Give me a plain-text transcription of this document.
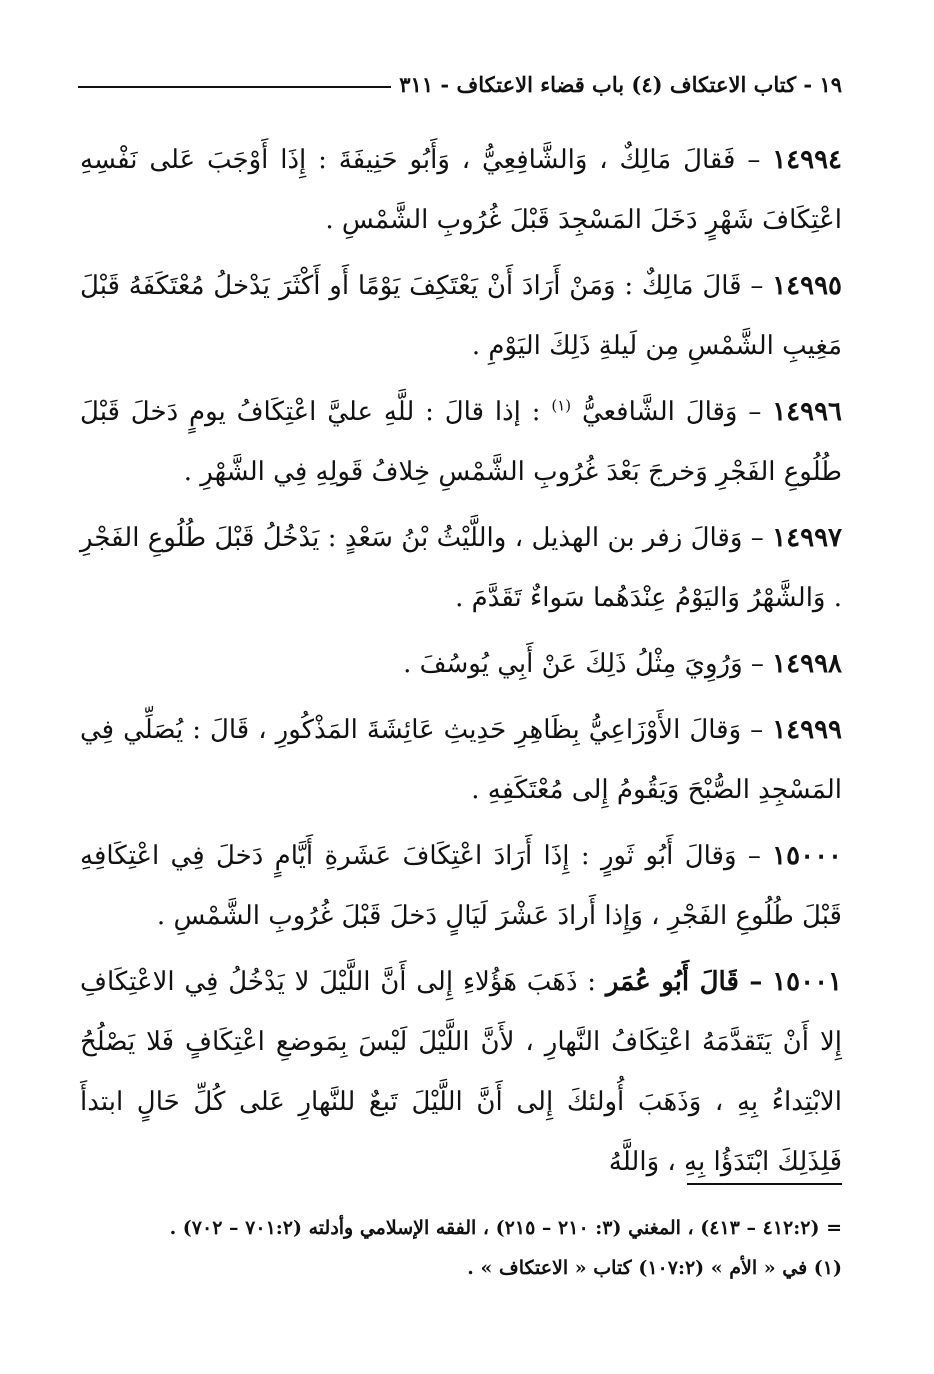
١٩ - كتاب الاعتكاف (٤) باب قضاء الاعتكاف - ٣١١

١٤٩٩٤ – فَقالَ مَالِكٌ ، وَالشَّافِعِيُّ ، وَأَبُو حَنِيفَةَ : إِذَا أَوْجَبَ عَلى نَفْسِهِ اعْتِكَافَ شَهْرٍ دَخَلَ المَسْجِدَ قَبْلَ غُرُوبِ الشَّمْسِ .

١٤٩٩٥ – قَالَ مَالِكٌ : وَمَنْ أَرَادَ أَنْ يَعْتَكِفَ يَوْمًا أَو أَكْثَرَ يَدْخلُ مُعْتَكَفَهُ قَبْلَ مَغِيبِ الشَّمْسِ مِن لَيلةِ ذَلِكَ اليَوْمِ .

١٤٩٩٦ – وَقالَ الشَّافعيُّ $^{(١)}$ : إذا قالَ : للَّهِ عليَّ اعْتِكَافُ يومٍ دَخلَ قَبْلَ طُلُوعِ الفَجْرِ وَخرجَ بَعْدَ غُرُوبِ الشَّمْسِ خِلافُ قَولِهِ فِي الشَّهْرِ .

١٤٩٩٧ – وَقالَ زفر بن الهذيل ، واللَّيْثُ بْنُ سَعْدٍ : يَدْخُلُ قَبْلَ طُلُوعِ الفَجْرِ . وَالشَّهْرُ وَاليَوْمُ عِنْدَهُما سَواءٌ تَقَدَّمَ .

١٤٩٩٨ – وَرُوِيَ مِثْلُ ذَلِكَ عَنْ أَبِي يُوسُفَ .

١٤٩٩٩ – وَقالَ الأَوْزَاعِيُّ بِظَاهِرِ حَدِيثِ عَائِشَةَ المَذْكُورِ ، قَالَ : يُصَلِّي فِي المَسْجِدِ الصُّبْحَ وَيَقُومُ إِلى مُعْتَكَفِهِ .

١٥٠٠٠ – وَقالَ أَبُو ثَورٍ : إِذَا أَرَادَ اعْتِكَافَ عَشَرةِ أَيَّامٍ دَخلَ فِي اعْتِكَافِهِ قَبْلَ طُلُوعِ الفَجْرِ ، وَإِذا أَرادَ عَشْرَ لَيَالٍ دَخلَ قَبْلَ غُرُوبِ الشَّمْسِ .

١٥٠٠١ – قَالَ أَبُو عُمَر : ذَهَبَ هَؤُلاءِ إِلى أَنَّ اللَّيْلَ لا يَدْخُلُ فِي الاعْتِكَافِ إِلا أَنْ يَتَقدَّمَهُ اعْتِكَافُ النَّهارِ ، لأَنَّ اللَّيْلَ لَيْسَ بِمَوضعِ اعْتِكَافٍ فَلا يَصْلُحُ الابْتِداءُ بِهِ ، وَذَهَبَ أُولئكَ إِلى أَنَّ اللَّيْلَ تَبعٌ للنَّهارِ عَلى كُلِّ حَالٍ ابتدأَ فَلِذَلِكَ ابْتَدَؤُا بِهِ ، وَاللَّهُ

= (٤١٢:٢ – ٤١٣) ، المغني (٣: ٢١٠ – ٢١٥) ، الفقه الإسلامي وأدلته (٧٠١:٢ – ٧٠٢) .

(١) في « الأم » (١٠٧:٢) كتاب « الاعتكاف » .
